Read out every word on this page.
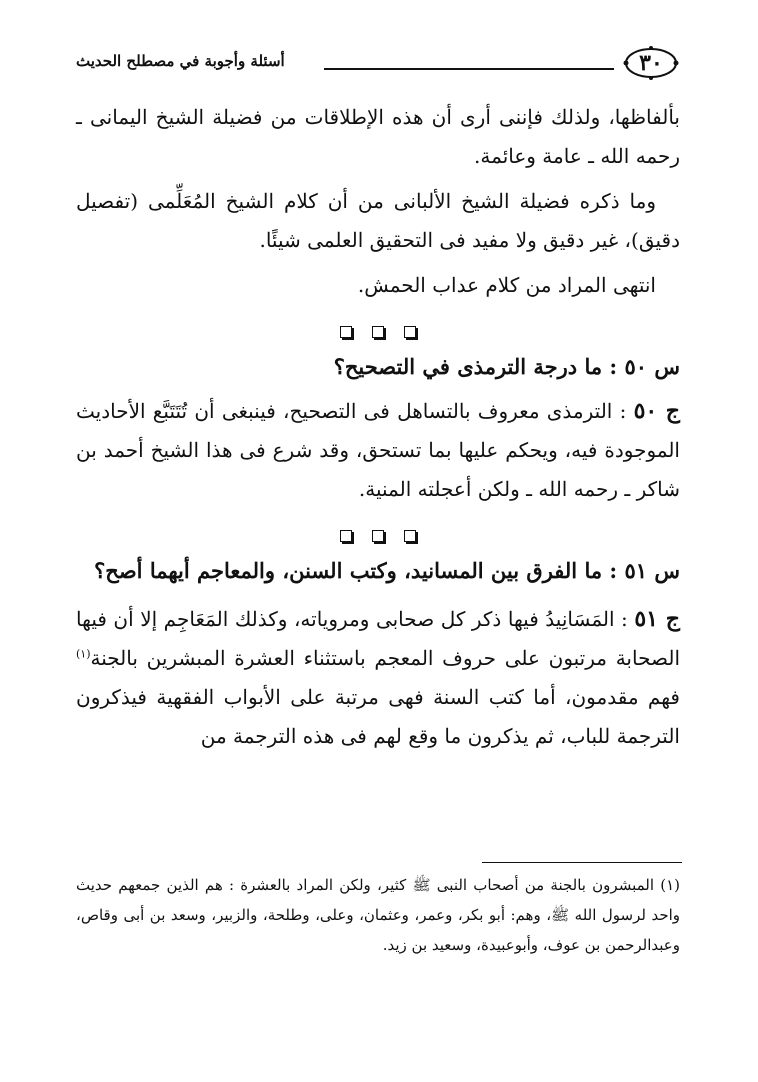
٣٠
أسئلة وأجوبة في مصطلح الحديث

بألفاظها، ولذلك فإننى أرى أن هذه الإطلاقات من فضيلة الشيخ اليمانى ـ رحمه الله ـ عامة وعائمة.

وما ذكره فضيلة الشيخ الألبانى من أن كلام الشيخ المُعَلِّمى (تفصيل دقيق)، غير دقيق ولا مفيد فى التحقيق العلمى شيئًا.

انتهى المراد من كلام عداب الحمش.

س ٥٠ : ما درجة الترمذى في التصحيح؟

ج ٥٠ : الترمذى معروف بالتساهل فى التصحيح، فينبغى أن تُتَتَبَّع الأحاديث الموجودة فيه، ويحكم عليها بما تستحق، وقد شرع فى هذا الشيخ أحمد بن شاكر ـ رحمه الله ـ ولكن أعجلته المنية.

س ٥١ : ما الفرق بين المسانيد، وكتب السنن، والمعاجم أيهما أصح؟

ج ٥١ : المَسَانِيدُ فيها ذكر كل صحابى ومروياته، وكذلك المَعَاجِم إلا أن فيها الصحابة مرتبون على حروف المعجم باستثناء العشرة المبشرين بالجنة$^{(١)}$ فهم مقدمون، أما كتب السنة فهى مرتبة على الأبواب الفقهية فيذكرون الترجمة للباب، ثم يذكرون ما وقع لهم فى هذه الترجمة من

(١) المبشرون بالجنة من أصحاب النبى ﷺ كثير، ولكن المراد بالعشرة : هم الذين جمعهم حديث واحد لرسول الله ﷺ، وهم: أبو بكر، وعمر، وعثمان، وعلى، وطلحة، والزبير، وسعد بن أبى وقاص، وعبدالرحمن بن عوف، وأبوعبيدة، وسعيد بن زيد.
